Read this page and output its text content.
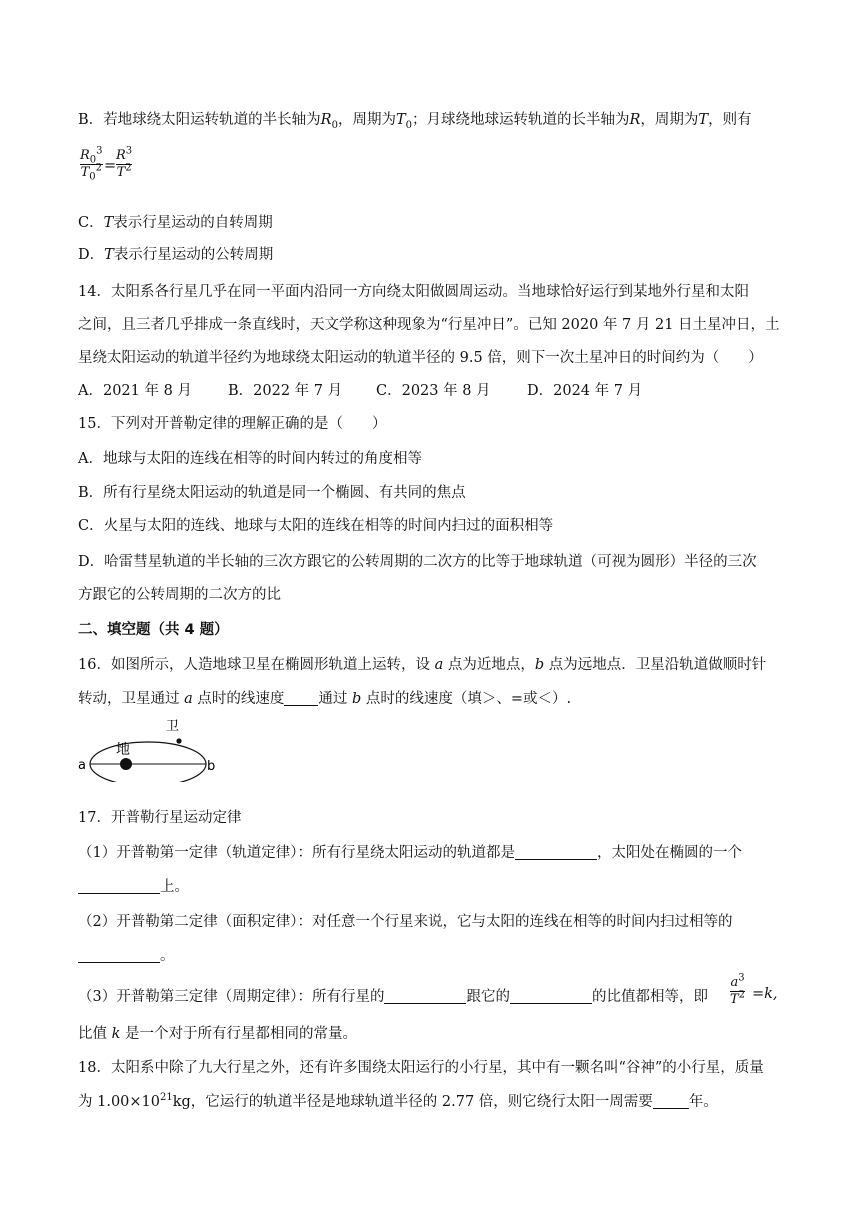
B．若地球绕太阳运转轨道的半长轴为$R_0$，周期为$T_0$；月球绕地球运转轨道的长半轴为R，周期为T，则有
$R_0^3$
$T_0^2$ =
$R^3$
$T^2$
C．T表示行星运动的自转周期
D．T表示行星运动的公转周期
14．太阳系各行星几乎在同一平面内沿同一方向绕太阳做圆周运动。当地球恰好运行到某地外行星和太阳
之间，且三者几乎排成一条直线时，天文学称这种现象为“行星冲日”。已知 2020 年 7 月 21 日土星冲日，土
星绕太阳运动的轨道半径约为地球绕太阳运动的轨道半径的 9.5 倍，则下一次土星冲日的时间约为（　　）
A．2021 年 8 月 B．2022 年 7 月 C．2023 年 8 月	D．2024 年 7 月
15．下列对开普勒定律的理解正确的是（　　）
A．地球与太阳的连线在相等的时间内转过的角度相等
B．所有行星绕太阳运动的轨道是同一个椭圆、有共同的焦点
C．火星与太阳的连线、地球与太阳的连线在相等的时间内扫过的面积相等
D．哈雷彗星轨道的半长轴的三次方跟它的公转周期的二次方的比等于地球轨道（可视为圆形）半径的三次
方跟它的公转周期的二次方的比
二、填空题（共 4 题）
16．如图所示，人造地球卫星在椭圆形轨道上运转，设 a 点为近地点，b 点为远地点．卫星沿轨道做顺时针
转动，卫星通过 a 点时的线速度 通过 b 点时的线速度（填＞、=或＜）.
卫
地
a	b
17．开普勒行星运动定律
（1）开普勒第一定律（轨道定律）：所有行星绕太阳运动的轨道都是	，太阳处在椭圆的一个
上。
（2）开普勒第二定律（面积定律）：对任意一个行星来说，它与太阳的连线在相等的时间内扫过相等的
。
（3）开普勒第三定律（周期定律）：所有行星的	跟它的	的比值都相等，即
$a^3$
$T^2 =k$,
比值 k 是一个对于所有行星都相同的常量。
18．太阳系中除了九大行星之外，还有许多围绕太阳运行的小行星，其中有一颗名叫“谷神”的小行星，质量
为 $1.00\times 10^{21}kg$，它运行的轨道半径是地球轨道半径的 2.77 倍，则它绕行太阳一周需要 年。
